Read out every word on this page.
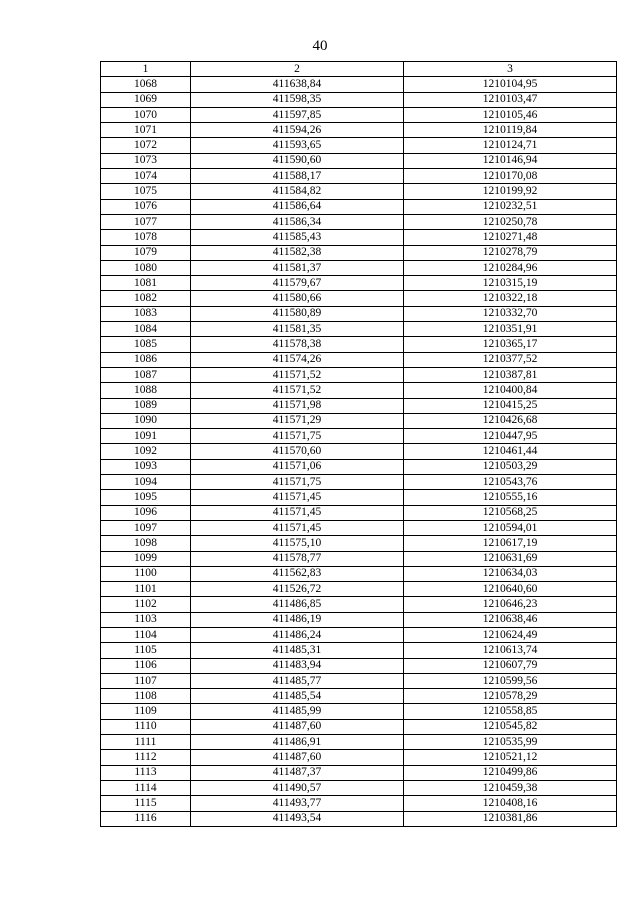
40
1	2	3
1068	411638,84	1210104,95
1069	411598,35	1210103,47
1070	411597,85	1210105,46
1071	411594,26	1210119,84
1072	411593,65	1210124,71
1073	411590,60	1210146,94
1074	411588,17	1210170,08
1075	411584,82	1210199,92
1076	411586,64	1210232,51
1077	411586,34	1210250,78
1078	411585,43	1210271,48
1079	411582,38	1210278,79
1080	411581,37	1210284,96
1081	411579,67	1210315,19
1082	411580,66	1210322,18
1083	411580,89	1210332,70
1084	411581,35	1210351,91
1085	411578,38	1210365,17
1086	411574,26	1210377,52
1087	411571,52	1210387,81
1088	411571,52	1210400,84
1089	411571,98	1210415,25
1090	411571,29	1210426,68
1091	411571,75	1210447,95
1092	411570,60	1210461,44
1093	411571,06	1210503,29
1094	411571,75	1210543,76
1095	411571,45	1210555,16
1096	411571,45	1210568,25
1097	411571,45	1210594,01
1098	411575,10	1210617,19
1099	411578,77	1210631,69
1100	411562,83	1210634,03
1101	411526,72	1210640,60
1102	411486,85	1210646,23
1103	411486,19	1210638,46
1104	411486,24	1210624,49
1105	411485,31	1210613,74
1106	411483,94	1210607,79
1107	411485,77	1210599,56
1108	411485,54	1210578,29
1109	411485,99	1210558,85
1110	411487,60	1210545,82
1111	411486,91	1210535,99
1112	411487,60	1210521,12
1113	411487,37	1210499,86
1114	411490,57	1210459,38
1115	411493,77	1210408,16
1116	411493,54	1210381,86
